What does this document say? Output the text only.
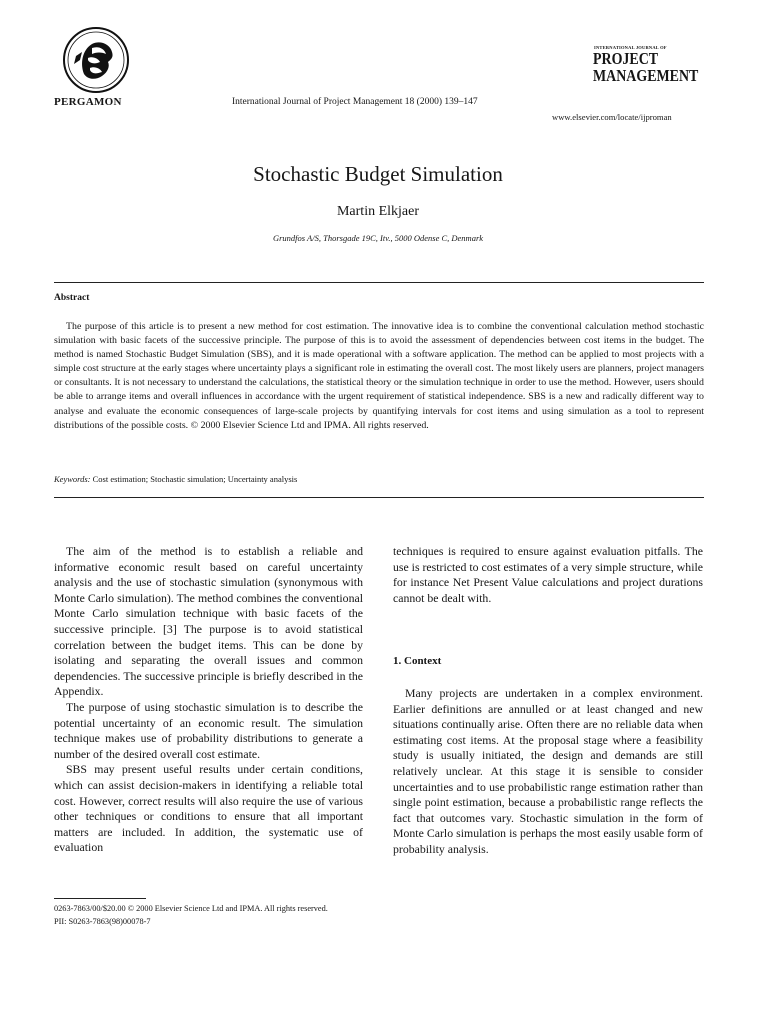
PERGAMON	International Journal of Project Management 18 (2000) 139–147
INTERNATIONAL JOURNAL OF
PROJECT
MANAGEMENT
www.elsevier.com/locate/ijproman
Stochastic Budget Simulation
Martin Elkjaer
Grundfos A/S, Thorsgade 19C, Itv., 5000 Odense C, Denmark
Abstract

The purpose of this article is to present a new method for cost estimation. The innovative idea is to combine the conventional calculation method stochastic simulation with basic facets of the successive principle. The purpose of this is to avoid the assessment of dependencies between cost items in the budget. The method is named Stochastic Budget Simulation (SBS), and it is made operational with a software application. The method can be applied to most projects with a simple cost structure at the early stages where uncertainty plays a significant role in estimating the overall cost. The most likely users are planners, project managers or consultants. It is not necessary to understand the calculations, the statistical theory or the simulation technique in order to use the method. However, users should be able to arrange items and overall influences in accordance with the urgent requirement of statistical independence. SBS is a new and radically different way to analyse and evaluate the economic consequences of large-scale projects by quantifying intervals for cost items and using simulation as a tool to represent distributions of the possible costs. © 2000 Elsevier Science Ltd and IPMA. All rights reserved.

Keywords: Cost estimation; Stochastic simulation; Uncertainty analysis

The aim of the method is to establish a reliable and informative economic result based on careful uncertainty analysis and the use of stochastic simulation (synonymous with Monte Carlo simulation). The method combines the conventional Monte Carlo simulation technique with basic facets of the successive principle. [3] The purpose is to avoid statistical correlation between the budget items. This can be done by isolating and separating the overall issues and common dependencies. The successive principle is briefly described in the Appendix.

The purpose of using stochastic simulation is to describe the potential uncertainty of an economic result. The simulation technique makes use of probability distributions to generate a number of the desired overall cost estimate.

SBS may present useful results under certain conditions, which can assist decision-makers in identifying a reliable total cost. However, correct results will also require the use of various other techniques or conditions to ensure that all important matters are included. In addition, the systematic use of evaluation

techniques is required to ensure against evaluation pitfalls. The use is restricted to cost estimates of a very simple structure, while for instance Net Present Value calculations and project durations cannot be dealt with.

1. Context

Many projects are undertaken in a complex environment. Earlier definitions are annulled or at least changed and new situations continually arise. Often there are no reliable data when estimating cost items. At the proposal stage where a feasibility study is usually initiated, the design and demands are still relatively unclear. At this stage it is sensible to consider uncertainties and to use probabilistic range estimation rather than single point estimation, because a probabilistic range reflects the fact that outcomes vary. Stochastic simulation in the form of Monte Carlo simulation is perhaps the most easily usable form of probability analysis.

0263-7863/00/$20.00 © 2000 Elsevier Science Ltd and IPMA. All rights reserved.
PII: S0263-7863(98)00078-7
